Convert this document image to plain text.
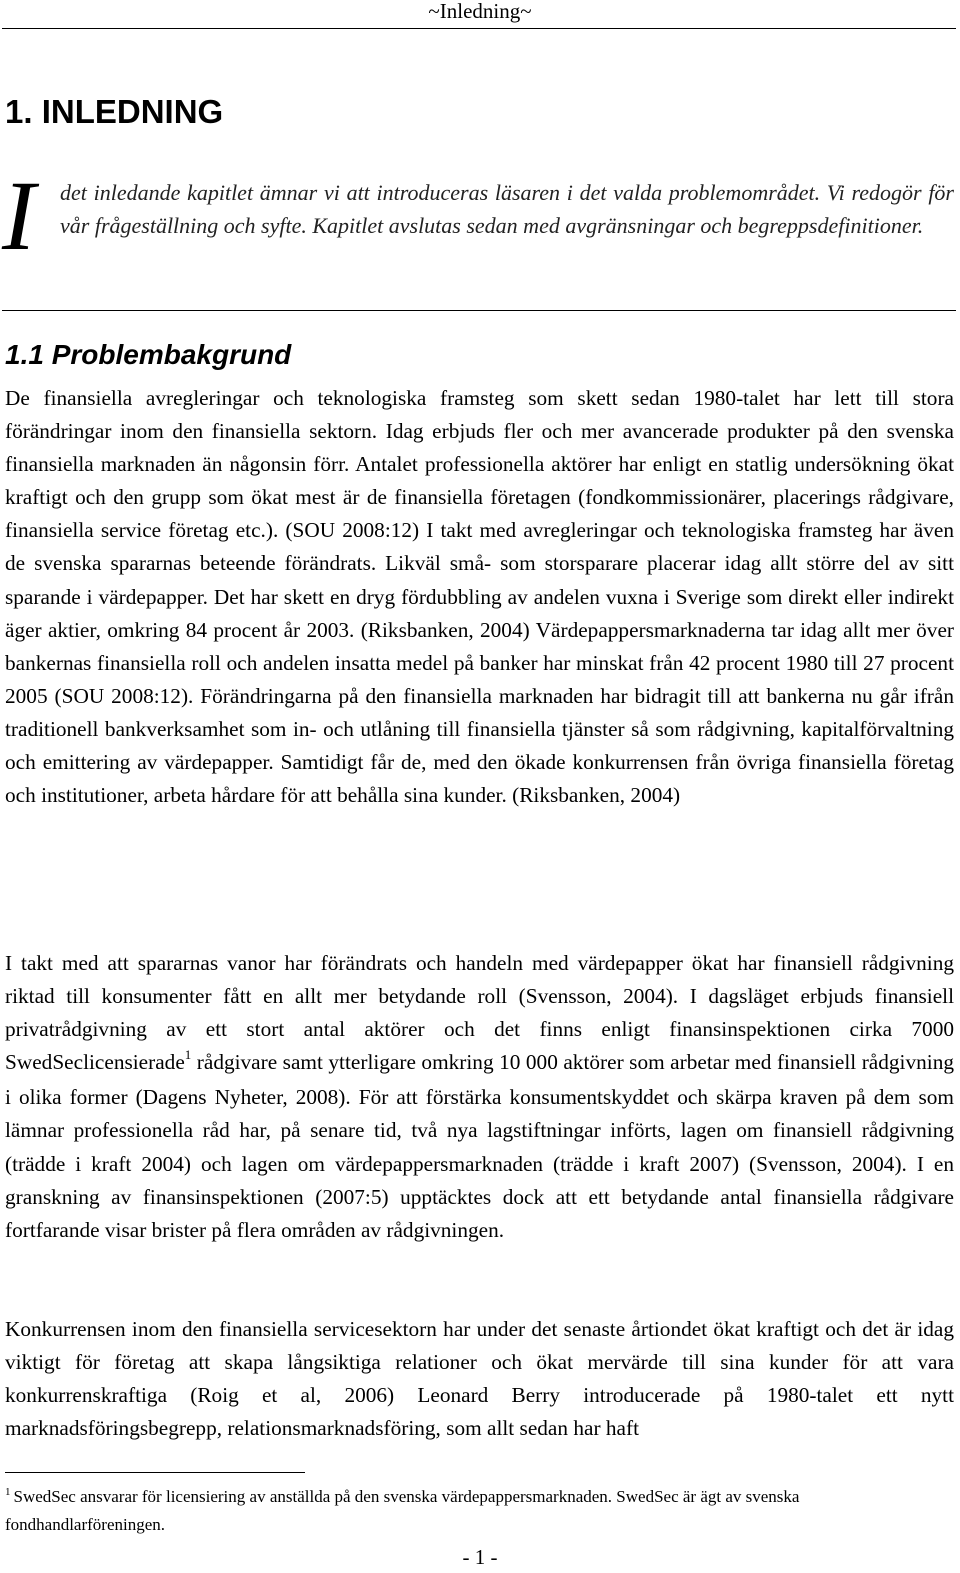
~Inledning~
1. INLEDNING
I det inledande kapitlet ämnar vi att introduceras läsaren i det valda problemområdet. Vi redogör för vår frågeställning och syfte. Kapitlet avslutas sedan med avgränsningar och begreppsdefinitioner.
1.1 Problembakgrund

De finansiella avregleringar och teknologiska framsteg som skett sedan 1980-talet har lett till stora förändringar inom den finansiella sektorn. Idag erbjuds fler och mer avancerade produkter på den svenska finansiella marknaden än någonsin förr. Antalet professionella aktörer har enligt en statlig undersökning ökat kraftigt och den grupp som ökat mest är de finansiella företagen (fondkommissionärer, placerings rådgivare, finansiella service företag etc.). (SOU 2008:12) I takt med avregleringar och teknologiska framsteg har även de svenska spararnas beteende förändrats. Likväl små- som storsparare placerar idag allt större del av sitt sparande i värdepapper. Det har skett en dryg fördubbling av andelen vuxna i Sverige som direkt eller indirekt äger aktier, omkring 84 procent år 2003. (Riksbanken, 2004) Värdepappersmarknaderna tar idag allt mer över bankernas finansiella roll och andelen insatta medel på banker har minskat från 42 procent 1980 till 27 procent 2005 (SOU 2008:12). Förändringarna på den finansiella marknaden har bidragit till att bankerna nu går ifrån traditionell bankverksamhet som in- och utlåning till finansiella tjänster så som rådgivning, kapitalförvaltning och emittering av värdepapper. Samtidigt får de, med den ökade konkurrensen från övriga finansiella företag och institutioner, arbeta hårdare för att behålla sina kunder. (Riksbanken, 2004)

I takt med att spararnas vanor har förändrats och handeln med värdepapper ökat har finansiell rådgivning riktad till konsumenter fått en allt mer betydande roll (Svensson, 2004). I dagsläget erbjuds finansiell privatrådgivning av ett stort antal aktörer och det finns enligt finansinspektionen cirka 7000 SwedSeclicensierade$^1$ rådgivare samt ytterligare omkring 10 000 aktörer som arbetar med finansiell rådgivning i olika former (Dagens Nyheter, 2008). För att förstärka konsumentskyddet och skärpa kraven på dem som lämnar professionella råd har, på senare tid, två nya lagstiftningar införts, lagen om finansiell rådgivning (trädde i kraft 2004) och lagen om värdepappersmarknaden (trädde i kraft 2007) (Svensson, 2004). I en granskning av finansinspektionen (2007:5) upptäcktes dock att ett betydande antal finansiella rådgivare fortfarande visar brister på flera områden av rådgivningen.

Konkurrensen inom den finansiella servicesektorn har under det senaste årtiondet ökat kraftigt och det är idag viktigt för företag att skapa långsiktiga relationer och ökat mervärde till sina kunder för att vara konkurrenskraftiga (Roig et al, 2006) Leonard Berry introducerade på 1980-talet ett nytt marknadsföringsbegrepp, relationsmarknadsföring, som allt sedan har haft

$^1$ SwedSec ansvarar för licensiering av anställda på den svenska värdepappersmarknaden. SwedSec är ägt av svenska fondhandlarföreningen.

- 1 -
